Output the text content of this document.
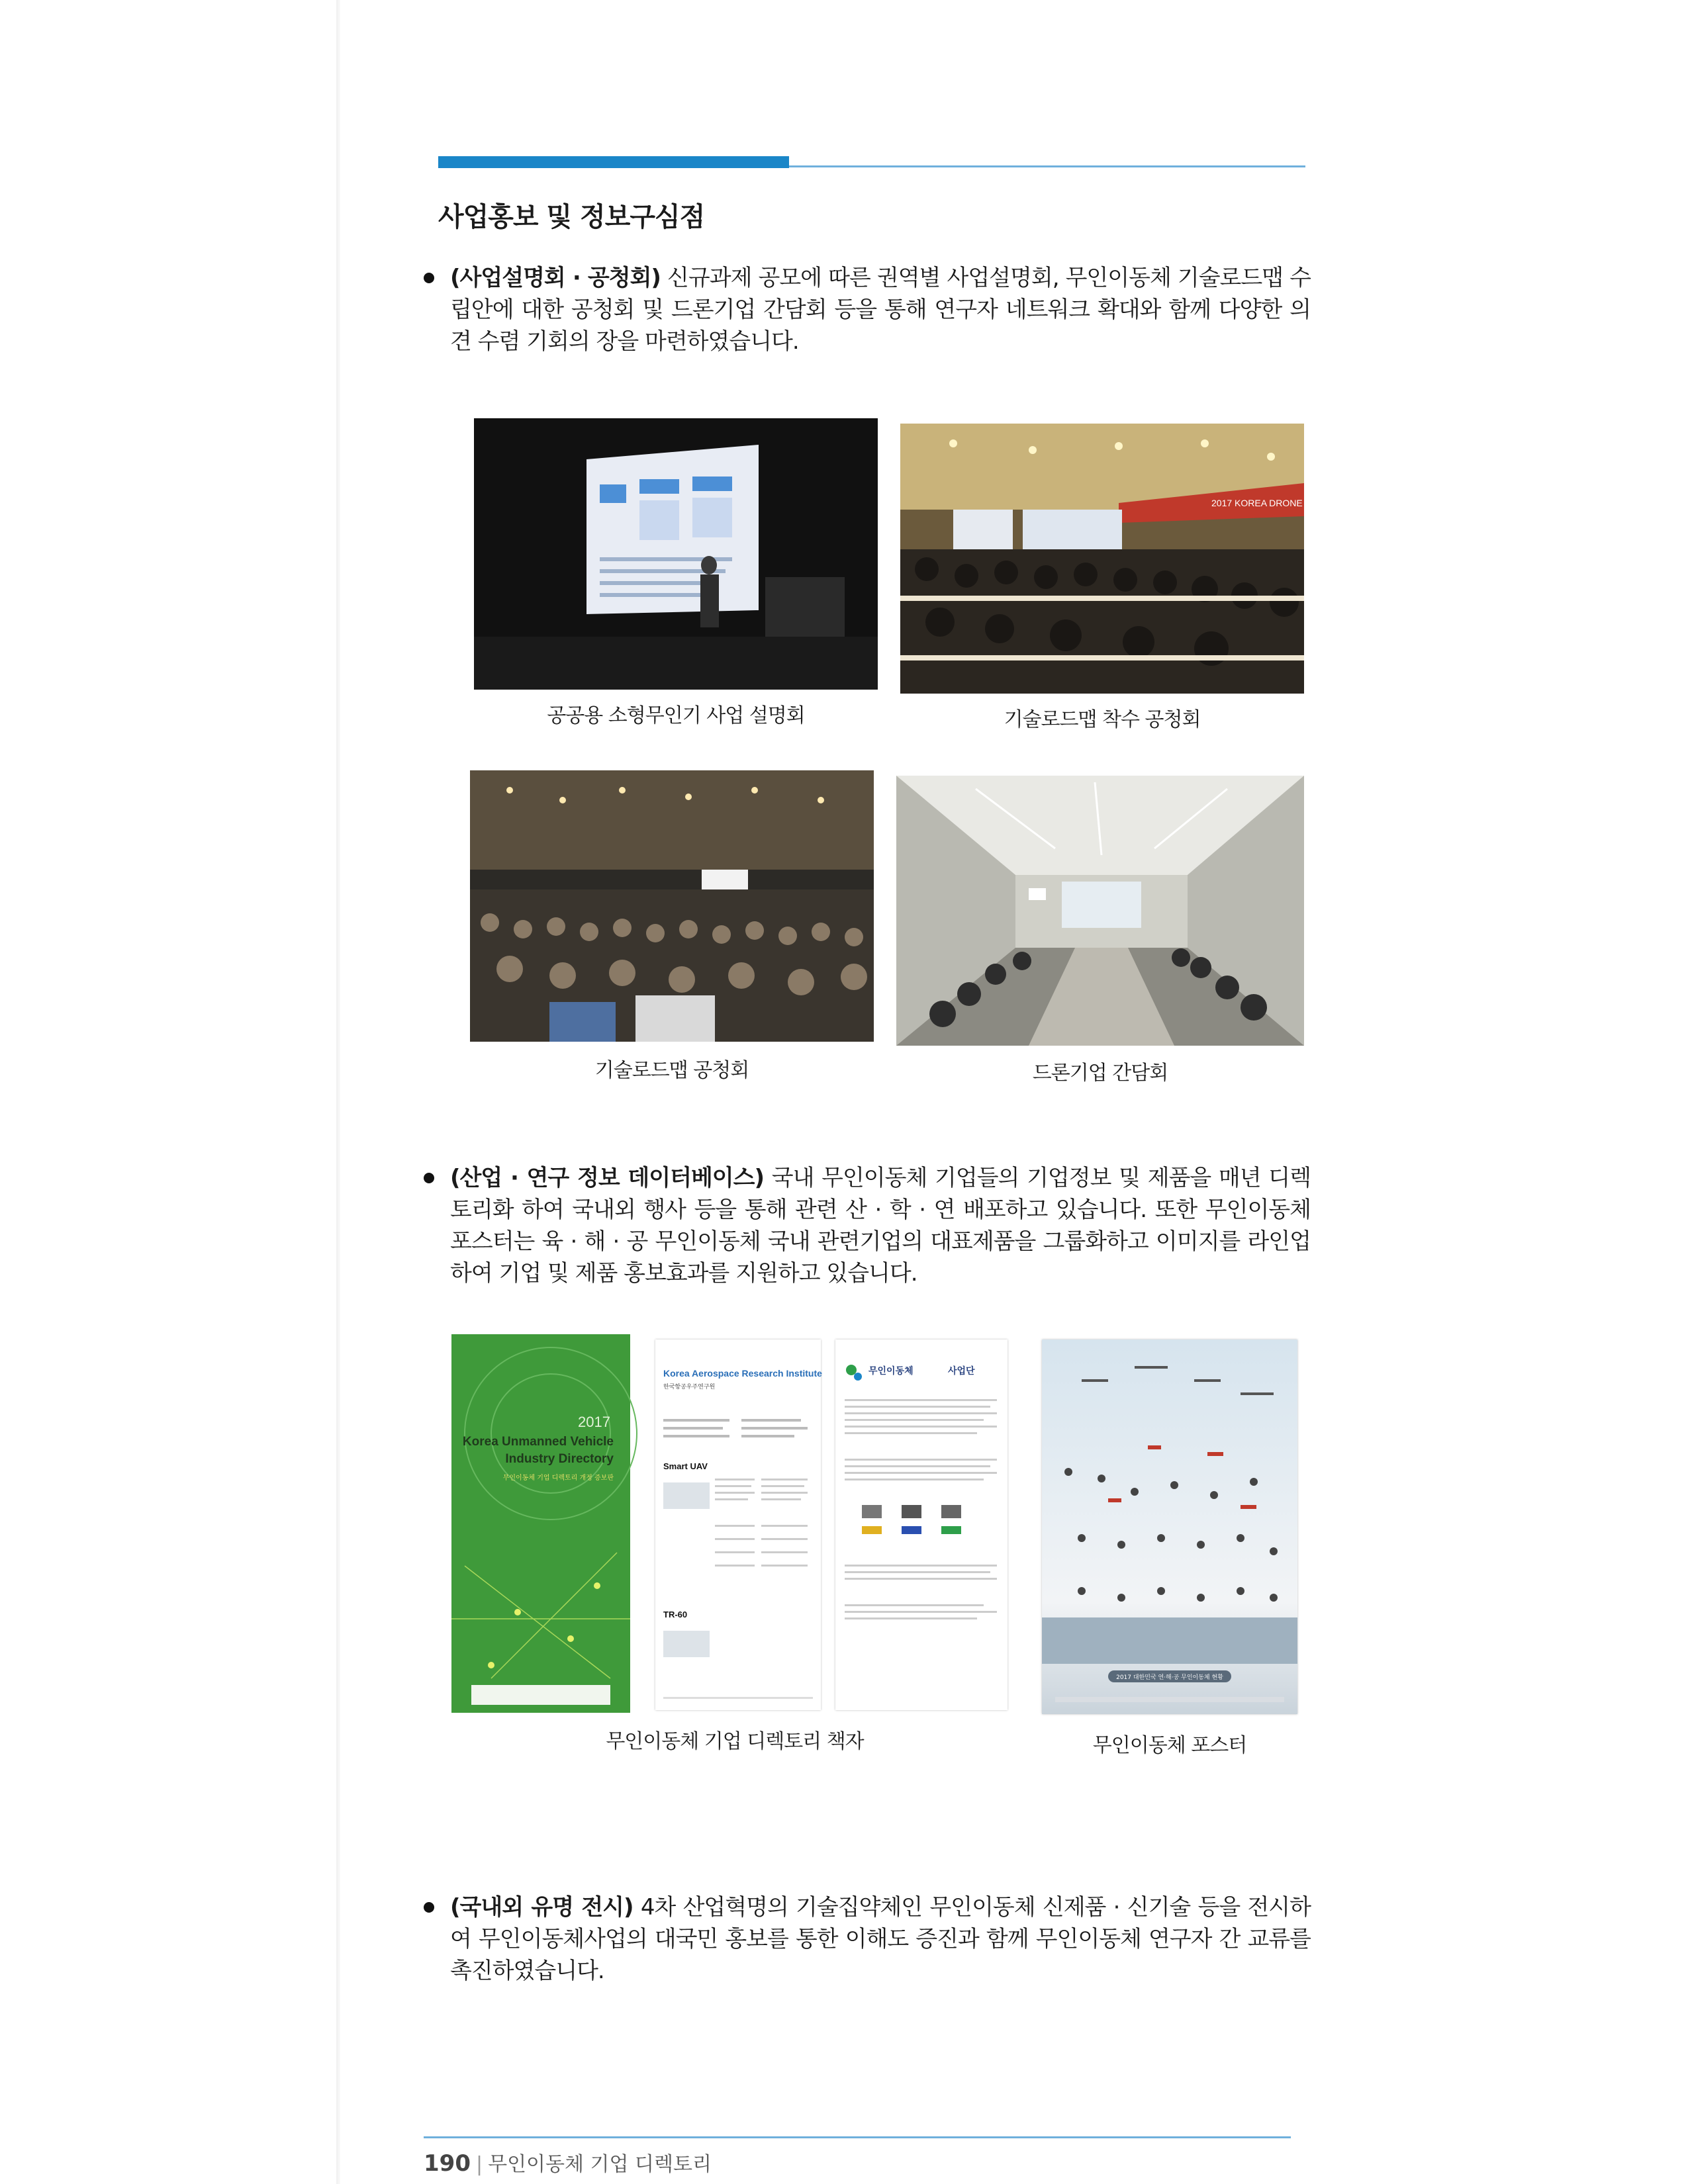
사업홍보 및 정보구심점
(사업설명회 · 공청회) 신규과제 공모에 따른 권역별 사업설명회, 무인이동체 기술로드맵 수립안에 대한 공청회 및 드론기업 간담회 등을 통해 연구자 네트워크 확대와 함께 다양한 의견 수렴 기회의 장을 마련하였습니다.
공공용 소형무인기 사업 설명회
2017 KOREA DRONE 2017
기술로드맵 착수 공청회
기술로드맵 공청회	드론기업 간담회
(산업 · 연구 정보 데이터베이스) 국내 무인이동체 기업들의 기업정보 및 제품을 매년 디렉토리화 하여 국내외 행사 등을 통해 관련 산 · 학 · 연 배포하고 있습니다. 또한 무인이동체 포스터는 육 · 해 · 공 무인이동체 국내 관련기업의 대표제품을 그룹화하고 이미지를 라인업하여 기업 및 제품 홍보효과를 지원하고 있습니다.
2017
Korea Unmanned Vehicle
Industry Directory
무인이동체 기업 디렉토리 개정 증보판
Korea Aerospace Research Institute
한국항공우주연구원
Smart UAV
TR-60
무인이동체	사업단
2017 대한민국 연·해·공 무인이동체 현황
무인이동체 기업 디렉토리 책자	무인이동체 포스터
(국내외 유명 전시) 4차 산업혁명의 기술집약체인 무인이동체 신제품 · 신기술 등을 전시하여 무인이동체사업의 대국민 홍보를 통한 이해도 증진과 함께 무인이동체 연구자 간 교류를 촉진하였습니다.
190 | 무인이동체 기업 디렉토리
